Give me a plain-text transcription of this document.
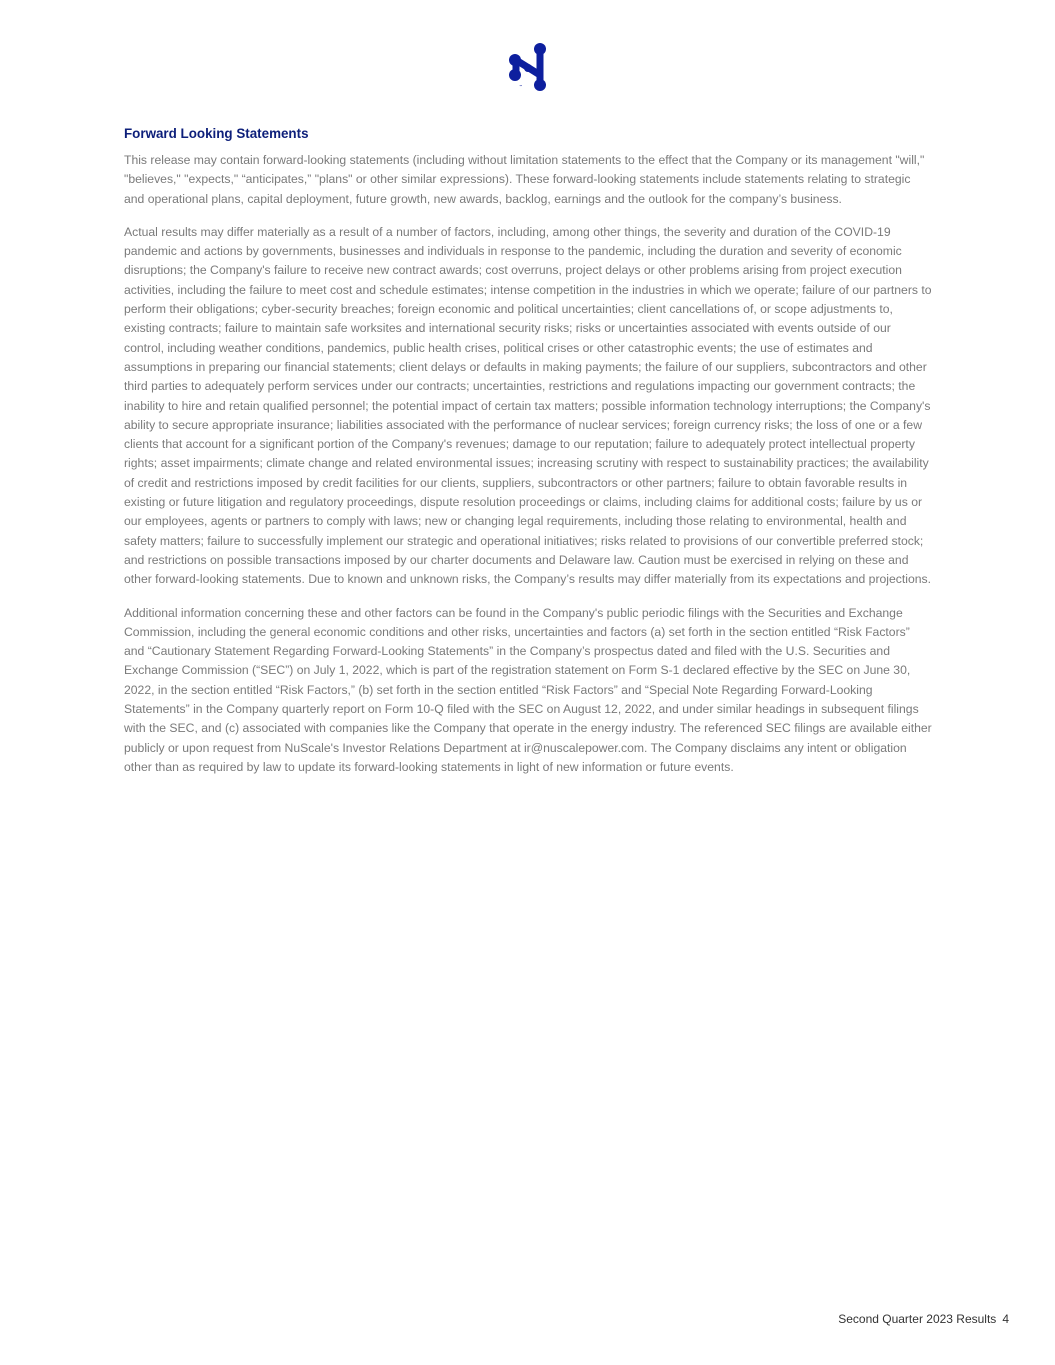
™
Forward Looking Statements

This release may contain forward-looking statements (including without limitation statements to the effect that the Company or its management "will," "believes," "expects," “anticipates,” "plans" or other similar expressions). These forward-looking statements include statements relating to strategic and operational plans, capital deployment, future growth, new awards, backlog, earnings and the outlook for the company’s business.

Actual results may differ materially as a result of a number of factors, including, among other things, the severity and duration of the COVID-19 pandemic and actions by governments, businesses and individuals in response to the pandemic, including the duration and severity of economic disruptions; the Company's failure to receive new contract awards; cost overruns, project delays or other problems arising from project execution activities, including the failure to meet cost and schedule estimates; intense competition in the industries in which we operate; failure of our partners to perform their obligations; cyber-security breaches; foreign economic and political uncertainties; client cancellations of, or scope adjustments to, existing contracts; failure to maintain safe worksites and international security risks; risks or uncertainties associated with events outside of our control, including weather conditions, pandemics, public health crises, political crises or other catastrophic events; the use of estimates and assumptions in preparing our financial statements; client delays or defaults in making payments; the failure of our suppliers, subcontractors and other third parties to adequately perform services under our contracts; uncertainties, restrictions and regulations impacting our government contracts; the inability to hire and retain qualified personnel; the potential impact of certain tax matters; possible information technology interruptions; the Company's ability to secure appropriate insurance; liabilities associated with the performance of nuclear services; foreign currency risks; the loss of one or a few clients that account for a significant portion of the Company's revenues; damage to our reputation; failure to adequately protect intellectual property rights; asset impairments; climate change and related environmental issues; increasing scrutiny with respect to sustainability practices; the availability of credit and restrictions imposed by credit facilities for our clients, suppliers, subcontractors or other partners; failure to obtain favorable results in existing or future litigation and regulatory proceedings, dispute resolution proceedings or claims, including claims for additional costs; failure by us or our employees, agents or partners to comply with laws; new or changing legal requirements, including those relating to environmental, health and safety matters; failure to successfully implement our strategic and operational initiatives; risks related to provisions of our convertible preferred stock; and restrictions on possible transactions imposed by our charter documents and Delaware law. Caution must be exercised in relying on these and other forward-looking statements. Due to known and unknown risks, the Company’s results may differ materially from its expectations and projections.

Additional information concerning these and other factors can be found in the Company's public periodic filings with the Securities and Exchange Commission, including the general economic conditions and other risks, uncertainties and factors (a) set forth in the section entitled “Risk Factors” and “Cautionary Statement Regarding Forward-Looking Statements” in the Company’s prospectus dated and filed with the U.S. Securities and Exchange Commission (“SEC”) on July 1, 2022, which is part of the registration statement on Form S-1 declared effective by the SEC on June 30, 2022, in the section entitled “Risk Factors,” (b) set forth in the section entitled “Risk Factors” and “Special Note Regarding Forward-Looking Statements” in the Company quarterly report on Form 10-Q filed with the SEC on August 12, 2022, and under similar headings in subsequent filings with the SEC, and (c) associated with companies like the Company that operate in the energy industry. The referenced SEC filings are available either publicly or upon request from NuScale's Investor Relations Department at ir@nuscalepower.com. The Company disclaims any intent or obligation other than as required by law to update its forward-looking statements in light of new information or future events.

Second Quarter 2023 Results 4
